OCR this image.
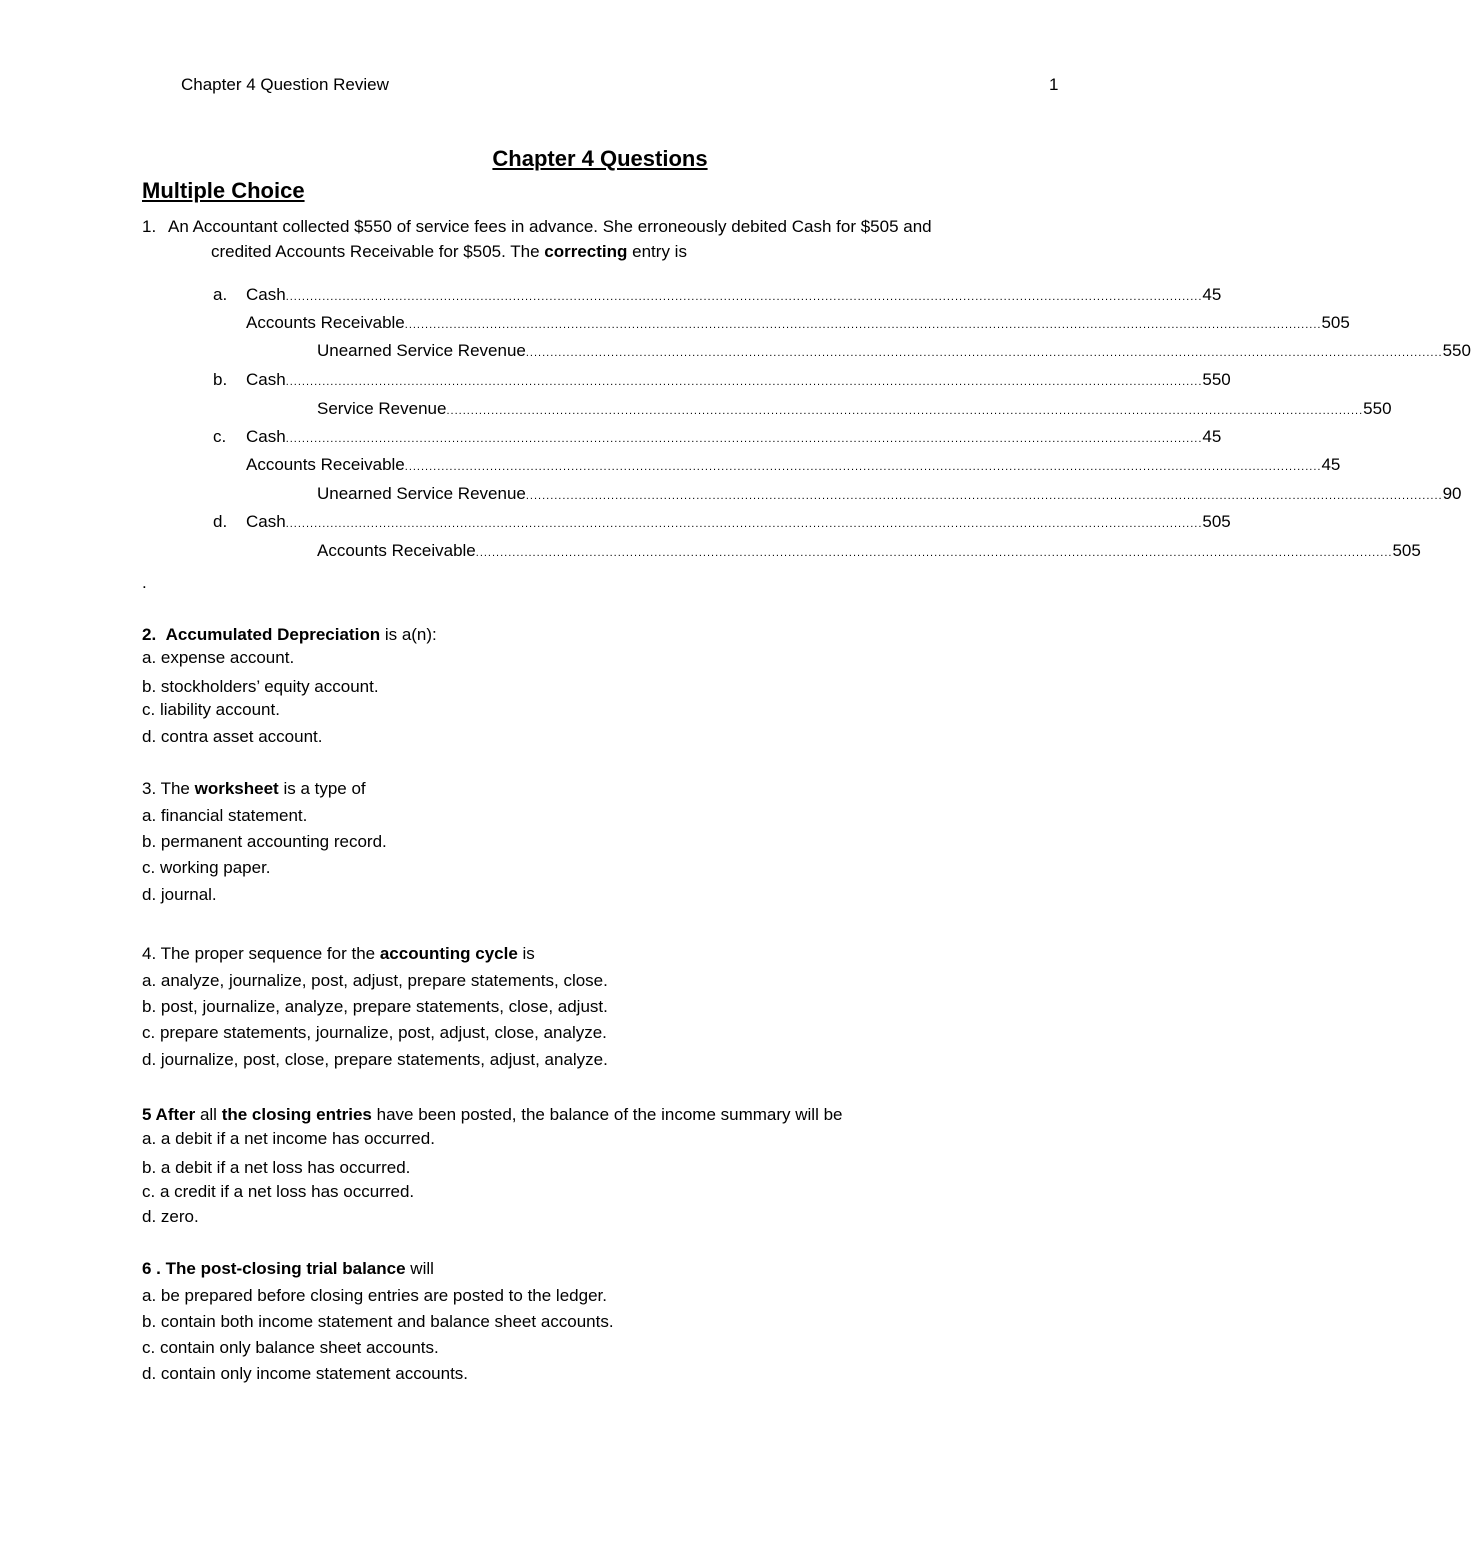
Chapter 4 Question Review	1
Chapter 4 Questions
Multiple Choice
1. An Accountant collected $550 of service fees in advance. She erroneously debited Cash for $505 and
credited Accounts Receivable for $505. The correcting entry is
a. Cash .................................................................................................................................................................................................................................. 45
Accounts Receivable .................................................................................................................................................................................................................................. 505
Unearned Service Revenue .................................................................................................................................................................................................................................. 550
b. Cash .................................................................................................................................................................................................................................. 550
Service Revenue .................................................................................................................................................................................................................................. 550
c. Cash .................................................................................................................................................................................................................................. 45
Accounts Receivable .................................................................................................................................................................................................................................. 45
Unearned Service Revenue .................................................................................................................................................................................................................................. 90
d. Cash .................................................................................................................................................................................................................................. 505
Accounts Receivable .................................................................................................................................................................................................................................. 505
.
2. Accumulated Depreciation is a(n):
a. expense account.
b. stockholders’ equity account.
c. liability account.
d. contra asset account.
3. The worksheet is a type of
a. financial statement.
b. permanent accounting record.
c. working paper.
d. journal.
4. The proper sequence for the accounting cycle is
a. analyze, journalize, post, adjust, prepare statements, close.
b. post, journalize, analyze, prepare statements, close, adjust.
c. prepare statements, journalize, post, adjust, close, analyze.
d. journalize, post, close, prepare statements, adjust, analyze.
5 After all the closing entries have been posted, the balance of the income summary will be
a. a debit if a net income has occurred.
b. a debit if a net loss has occurred.
c. a credit if a net loss has occurred.
d. zero.
6 . The post-closing trial balance will
a. be prepared before closing entries are posted to the ledger.
b. contain both income statement and balance sheet accounts.
c. contain only balance sheet accounts.
d. contain only income statement accounts.
